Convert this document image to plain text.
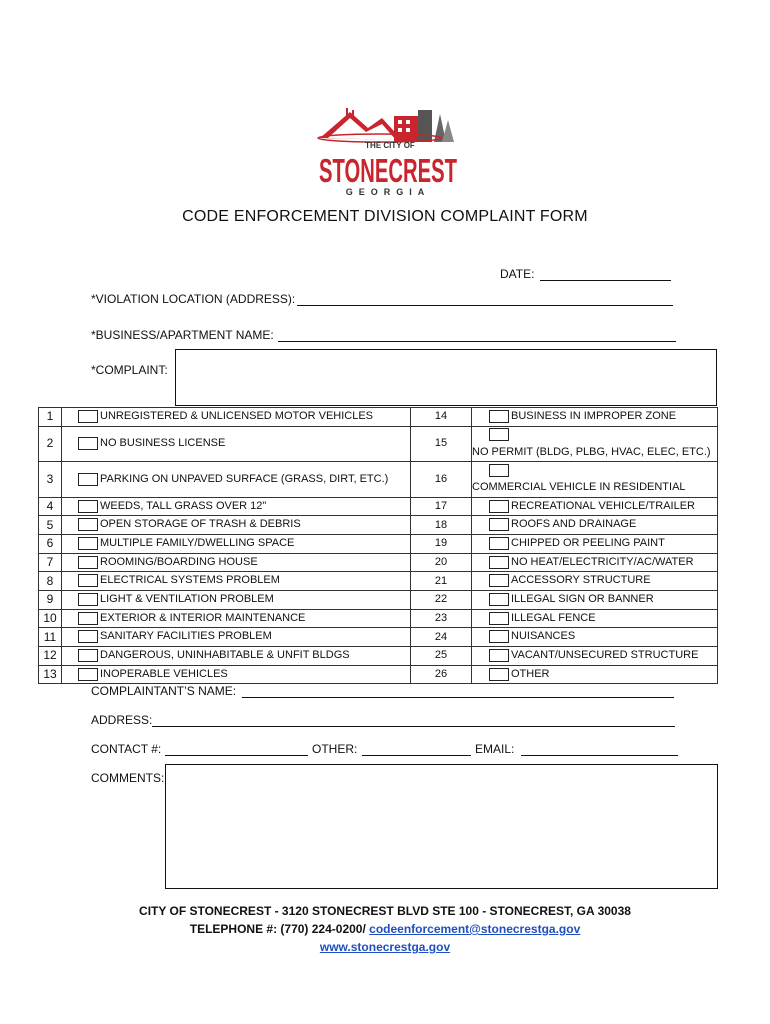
THE CITY OF
STONECREST
GEORGIA
CODE ENFORCEMENT DIVISION COMPLAINT FORM
DATE:
*VIOLATION LOCATION (ADDRESS):
*BUSINESS/APARTMENT NAME:
*COMPLAINT:
1	UNREGISTERED & UNLICENSED MOTOR VEHICLES	14	BUSINESS IN IMPROPER ZONE
2	NO BUSINESS LICENSE	15	NO PERMIT (BLDG, PLBG, HVAC, ELEC, ETC.)
3	PARKING ON UNPAVED SURFACE (GRASS, DIRT, ETC.)	16	COMMERCIAL VEHICLE IN RESIDENTIAL
4	WEEDS, TALL GRASS OVER 12"	17	RECREATIONAL VEHICLE/TRAILER
5	OPEN STORAGE OF TRASH & DEBRIS	18	ROOFS AND DRAINAGE
6	MULTIPLE FAMILY/DWELLING SPACE	19	CHIPPED OR PEELING PAINT
7	ROOMING/BOARDING HOUSE	20	NO HEAT/ELECTRICITY/AC/WATER
8	ELECTRICAL SYSTEMS PROBLEM	21	ACCESSORY STRUCTURE
9	LIGHT & VENTILATION PROBLEM	22	ILLEGAL SIGN OR BANNER
10	EXTERIOR & INTERIOR MAINTENANCE	23	ILLEGAL FENCE
11	SANITARY FACILITIES PROBLEM	24	NUISANCES
12	DANGEROUS, UNINHABITABLE & UNFIT BLDGS	25	VACANT/UNSECURED STRUCTURE
13	INOPERABLE VEHICLES	26	OTHER
COMPLAINTANT’S NAME:
ADDRESS:
CONTACT #:	OTHER:	EMAIL:
COMMENTS:
CITY OF STONECREST - 3120 STONECREST BLVD STE 100 - STONECREST, GA 30038
TELEPHONE #: (770) 224-0200/ codeenforcement@stonecrestga.gov
www.stonecrestga.gov
